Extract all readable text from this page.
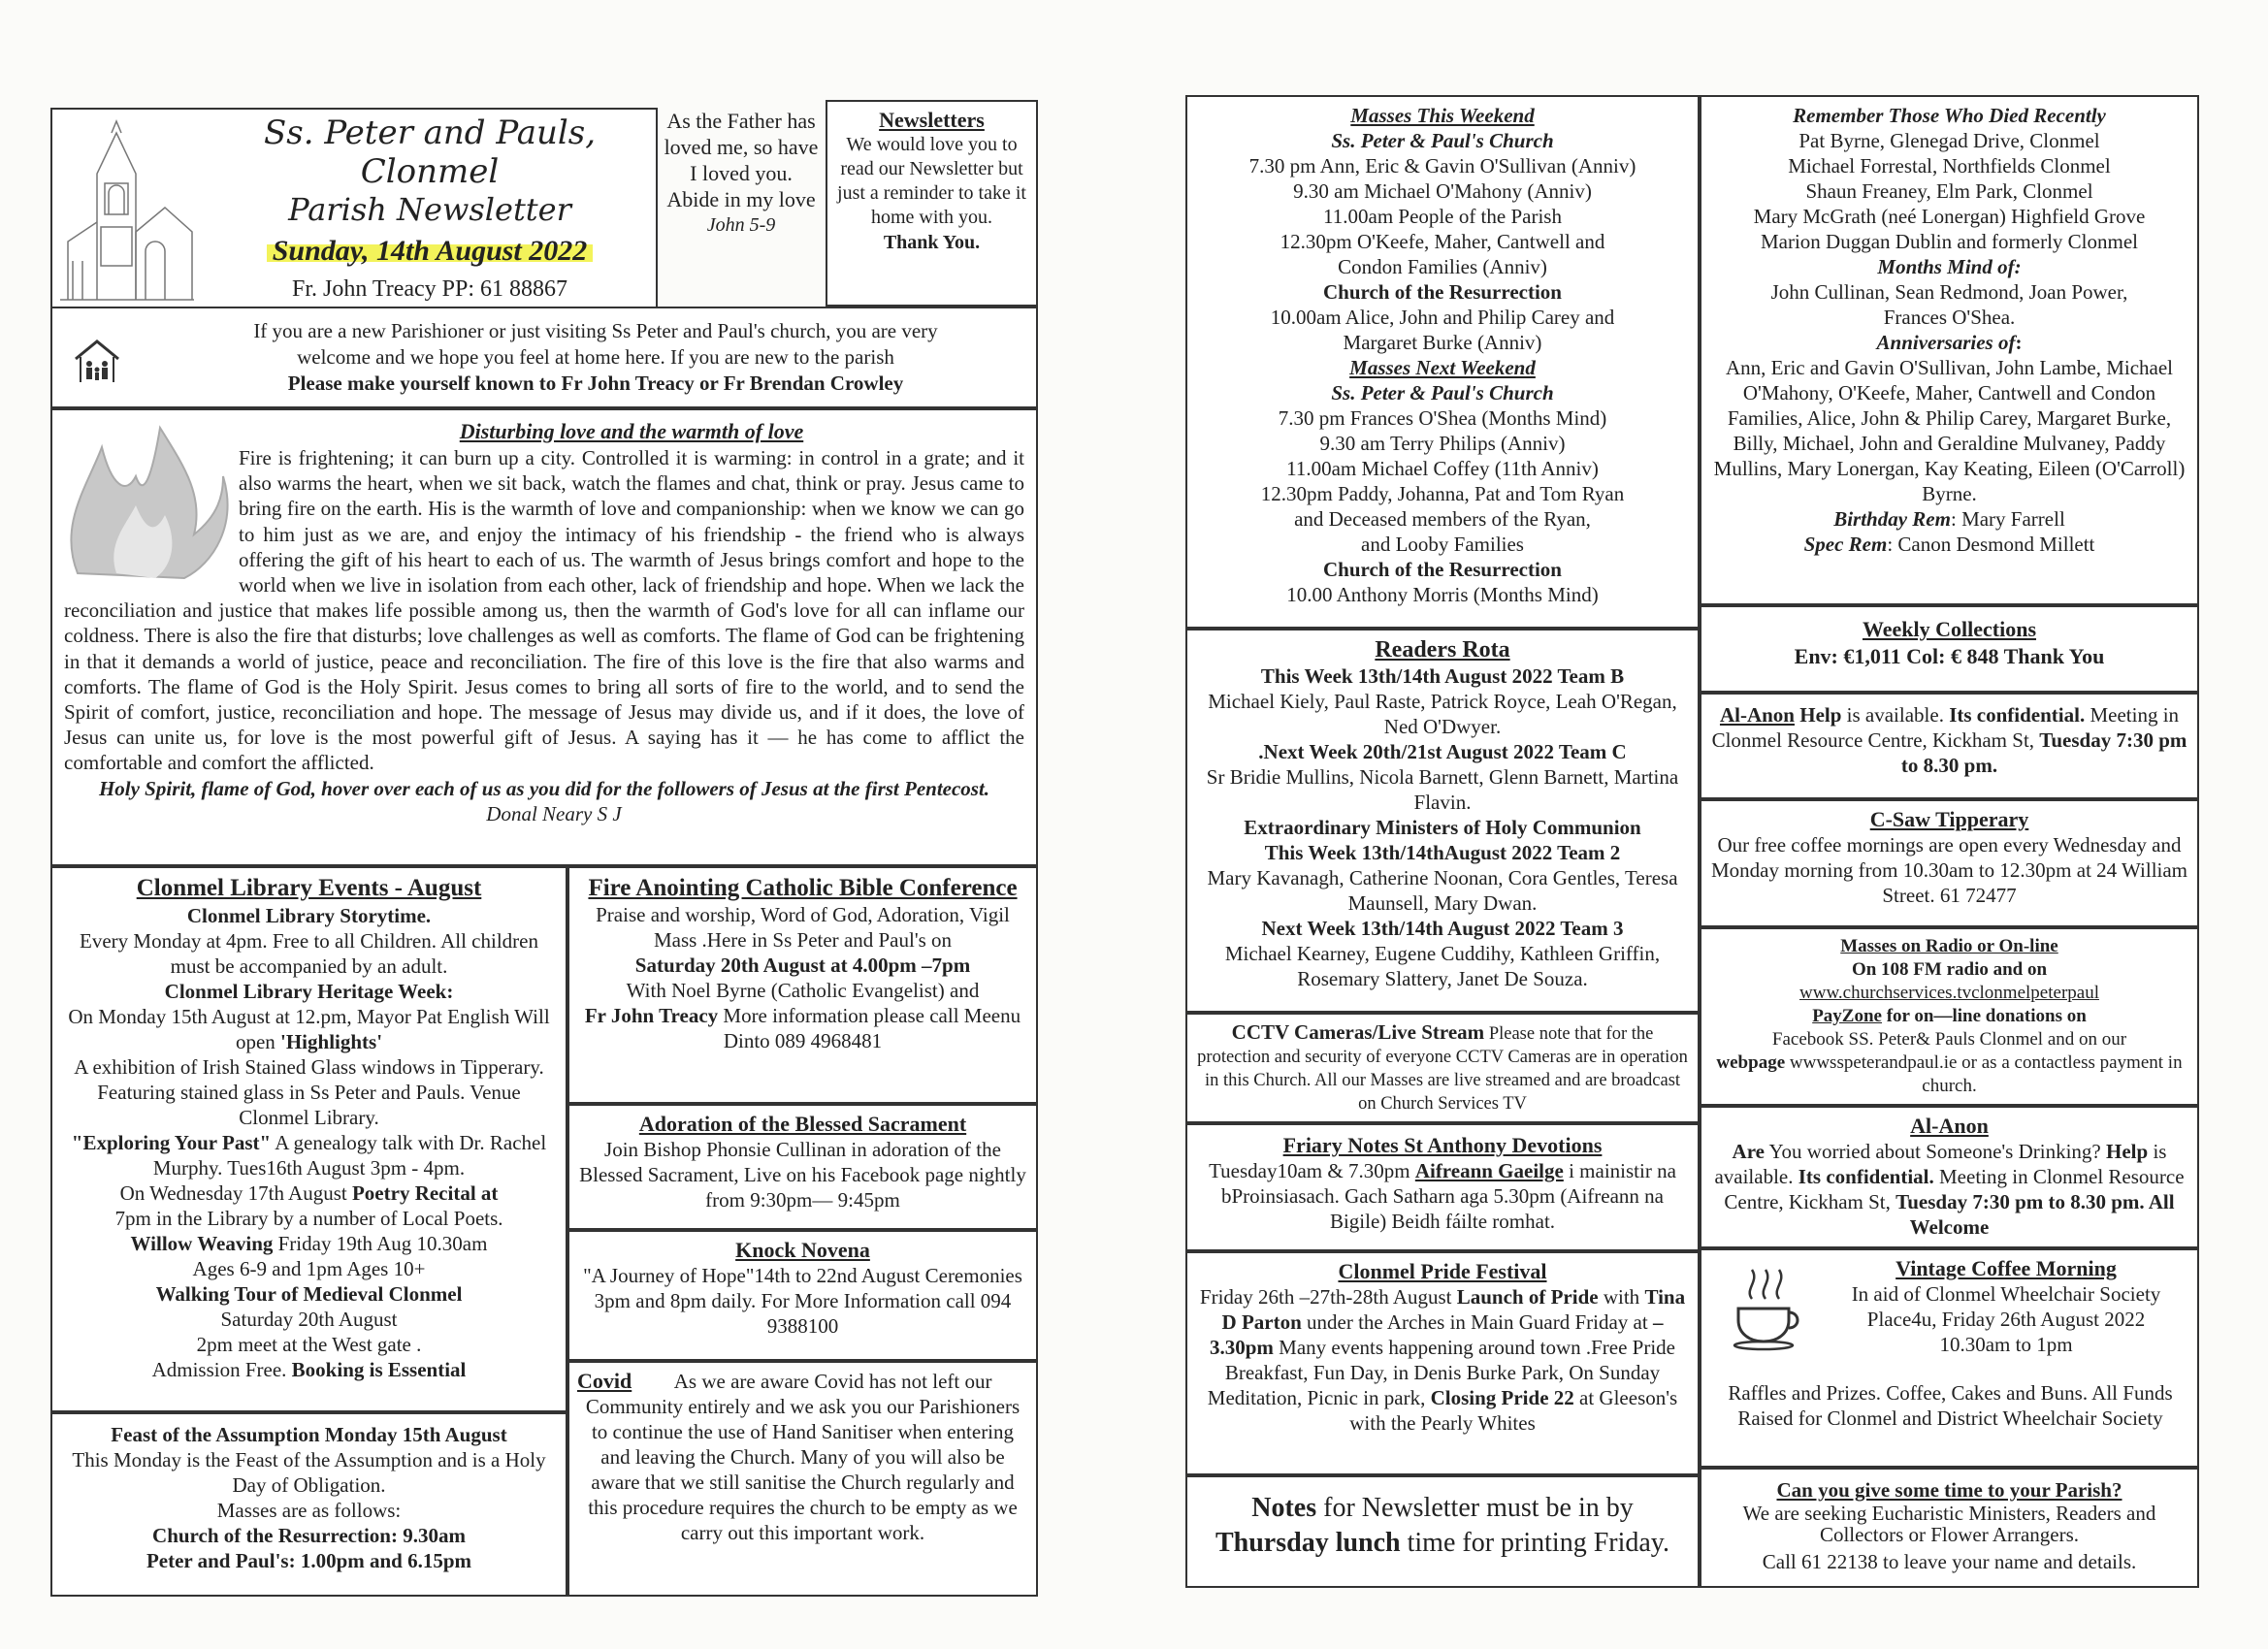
Ss. Peter and Pauls, Clonmel
Parish Newsletter
Sunday, 14th August 2022
Fr. John Treacy PP: 61 88867
As the Father has loved me, so have I loved you. Abide in my love
John 5-9
Newsletters
We would love you to read our Newsletter but just a reminder to take it home with you.
Thank You.
If you are a new Parishioner or just visiting Ss Peter and Paul's church, you are very
welcome and we hope you feel at home here. If you are new to the parish
Please make yourself known to Fr John Treacy or Fr Brendan Crowley
Disturbing love and the warmth of love
Fire is frightening; it can burn up a city. Controlled it is warming: in control in a grate; and it also warms the heart, when we sit back, watch the flames and chat, think or pray. Jesus came to bring fire on the earth. His is the warmth of love and companionship: when we know we can go to him just as we are, and enjoy the intimacy of his friendship - the friend who is always offering the gift of his heart to each of us. The warmth of Jesus brings comfort and hope to the world when we live in isolation from each other, lack of friendship and hope. When we lack the reconciliation and justice that makes life possible among us, then the warmth of God's love for all can inflame our coldness. There is also the fire that disturbs; love challenges as well as comforts. The flame of God can be frightening in that it demands a world of justice, peace and reconciliation. The fire of this love is the fire that also warms and comforts. The flame of God is the Holy Spirit. Jesus comes to bring all sorts of fire to the world, and to send the Spirit of comfort, justice, reconciliation and hope. The message of Jesus may divide us, and if it does, the love of Jesus can unite us, for love is the most powerful gift of Jesus. A saying has it — he has come to afflict the comfortable and comfort the afflicted.
Holy Spirit, flame of God, hover over each of us as you did for the followers of Jesus at the first Pentecost. Donal Neary S J
Clonmel Library Events - August
Clonmel Library Storytime.
Every Monday at 4pm. Free to all Children. All children must be accompanied by an adult.
Clonmel Library Heritage Week:
On Monday 15th August at 12.pm, Mayor Pat English Will open 'Highlights'
A exhibition of Irish Stained Glass windows in Tipperary. Featuring stained glass in Ss Peter and Pauls. Venue Clonmel Library.
"Exploring Your Past" A genealogy talk with Dr. Rachel Murphy. Tues16th August 3pm - 4pm.
On Wednesday 17th August Poetry Recital at
7pm in the Library by a number of Local Poets.
Willow Weaving Friday 19th Aug 10.30am
Ages 6-9 and 1pm Ages 10+
Walking Tour of Medieval Clonmel
Saturday 20th August
2pm meet at the West gate .
Admission Free. Booking is Essential
Feast of the Assumption Monday 15th August
This Monday is the Feast of the Assumption and is a Holy Day of Obligation.
Masses are as follows:
Church of the Resurrection: 9.30am
Peter and Paul's: 1.00pm and 6.15pm
Fire Anointing Catholic Bible Conference
Praise and worship, Word of God, Adoration, Vigil Mass .Here in Ss Peter and Paul's on
Saturday 20th August at 4.00pm –7pm
With Noel Byrne (Catholic Evangelist) and
Fr John Treacy More information please call Meenu Dinto 089 4968481
Adoration of the Blessed Sacrament
Join Bishop Phonsie Cullinan in adoration of the Blessed Sacrament, Live on his Facebook page nightly from 9:30pm— 9:45pm
Knock Novena
"A Journey of Hope"14th to 22nd August Ceremonies 3pm and 8pm daily. For More Information call 094 9388100
Covid As we are aware Covid has not left our Community entirely and we ask you our Parishioners to continue the use of Hand Sanitiser when entering and leaving the Church. Many of you will also be aware that we still sanitise the Church regularly and this procedure requires the church to be empty as we carry out this important work.
Masses This Weekend
Ss. Peter & Paul's Church
7.30 pm Ann, Eric & Gavin O'Sullivan (Anniv)
9.30 am Michael O'Mahony (Anniv)
11.00am People of the Parish
12.30pm O'Keefe, Maher, Cantwell and
Condon Families (Anniv)
Church of the Resurrection
10.00am Alice, John and Philip Carey and
Margaret Burke (Anniv)
Masses Next Weekend
Ss. Peter & Paul's Church
7.30 pm Frances O'Shea (Months Mind)
9.30 am Terry Philips (Anniv)
11.00am Michael Coffey (11th Anniv)
12.30pm Paddy, Johanna, Pat and Tom Ryan
and Deceased members of the Ryan,
and Looby Families
Church of the Resurrection
10.00 Anthony Morris (Months Mind)
Readers Rota
This Week 13th/14th August 2022 Team B
Michael Kiely, Paul Raste, Patrick Royce, Leah O'Regan, Ned O'Dwyer.
.Next Week 20th/21st August 2022 Team C
Sr Bridie Mullins, Nicola Barnett, Glenn Barnett, Martina Flavin.
Extraordinary Ministers of Holy Communion
This Week 13th/14thAugust 2022 Team 2
Mary Kavanagh, Catherine Noonan, Cora Gentles, Teresa Maunsell, Mary Dwan.
Next Week 13th/14th August 2022 Team 3
Michael Kearney, Eugene Cuddihy, Kathleen Griffin, Rosemary Slattery, Janet De Souza.
CCTV Cameras/Live Stream Please note that for the protection and security of everyone CCTV Cameras are in operation in this Church. All our Masses are live streamed and are broadcast on Church Services TV
Friary Notes St Anthony Devotions
Tuesday10am & 7.30pm Aifreann Gaeilge i mainistir na bProinsiasach. Gach Satharn aga 5.30pm (Aifreann na Bigile) Beidh fáilte romhat.
Clonmel Pride Festival
Friday 26th –27th-28th August Launch of Pride with Tina D Parton under the Arches in Main Guard Friday at –3.30pm Many events happening around town .Free Pride Breakfast, Fun Day, in Denis Burke Park, On Sunday Meditation, Picnic in park, Closing Pride 22 at Gleeson's with the Pearly Whites
Notes for Newsletter must be in by Thursday lunch time for printing Friday.
Remember Those Who Died Recently
Pat Byrne, Glenegad Drive, Clonmel
Michael Forrestal, Northfields Clonmel
Shaun Freaney, Elm Park, Clonmel
Mary McGrath (neé Lonergan) Highfield Grove
Marion Duggan Dublin and formerly Clonmel
Months Mind of:
John Cullinan, Sean Redmond, Joan Power, Frances O'Shea.
Anniversaries of:
Ann, Eric and Gavin O'Sullivan, John Lambe, Michael O'Mahony, O'Keefe, Maher, Cantwell and Condon Families, Alice, John & Philip Carey, Margaret Burke, Billy, Michael, John and Geraldine Mulvaney, Paddy Mullins, Mary Lonergan, Kay Keating, Eileen (O'Carroll) Byrne.
Birthday Rem: Mary Farrell
Spec Rem: Canon Desmond Millett
Weekly Collections
Env: €1,011 Col: € 848 Thank You
Al-Anon Help is available. Its confidential. Meeting in Clonmel Resource Centre, Kickham St, Tuesday 7:30 pm to 8.30 pm.
C-Saw Tipperary
Our free coffee mornings are open every Wednesday and Monday morning from 10.30am to 12.30pm at 24 William Street. 61 72477
Masses on Radio or On-line
On 108 FM radio and on
www.churchservices.tvclonmelpeterpaul
PayZone for on—line donations on
Facebook SS. Peter& Pauls Clonmel and on our
webpage wwwsspeterandpaul.ie or as a contactless payment in church.
Al-Anon
Are You worried about Someone's Drinking? Help is available. Its confidential. Meeting in Clonmel Resource Centre, Kickham St, Tuesday 7:30 pm to 8.30 pm. All Welcome
Vintage Coffee Morning
In aid of Clonmel Wheelchair Society
Place4u, Friday 26th August 2022
10.30am to 1pm
Raffles and Prizes. Coffee, Cakes and Buns. All Funds Raised for Clonmel and District Wheelchair Society
Can you give some time to your Parish?
We are seeking Eucharistic Ministers, Readers and Collectors or Flower Arrangers.
Call 61 22138 to leave your name and details.
